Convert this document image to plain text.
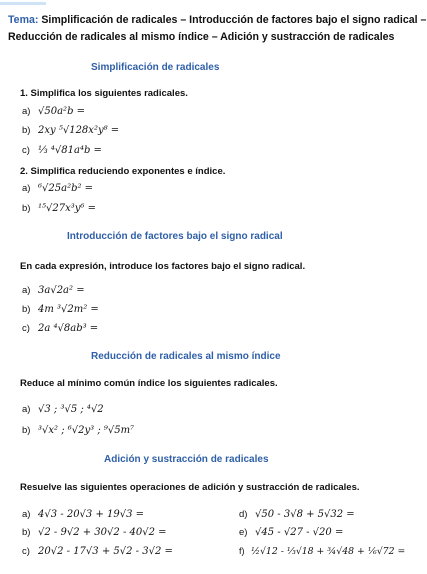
Tema: Simplificación de radicales – Introducción de factores bajo el signo radical –
Reducción de radicales al mismo índice – Adición y sustracción de radicales
Simplificación de radicales
1. Simplifica los siguientes radicales.
a) √50a²b =
b) 2xy ⁵√128x²y⁸ =
c) ⅓ ⁴√81a⁴b =
2. Simplifica reduciendo exponentes e índice.
a) ⁶√25a²b² =
b) ¹⁵√27x³y⁶ =
Introducción de factores bajo el signo radical
En cada expresión, introduce los factores bajo el signo radical.
a) 3a√2a² =
b) 4m ³√2m² =
c) 2a ⁴√8ab³ =
Reducción de radicales al mismo índice
Reduce al mínimo común índice los siguientes radicales.
a) √3 ; ³√5 ; ⁴√2
b) ³√x² ; ⁶√2y³ ; ⁹√5m⁷
Adición y sustracción de radicales
Resuelve las siguientes operaciones de adición y sustracción de radicales.
a) 4√3 - 20√3 + 19√3 =
b) √2 - 9√2 + 30√2 - 40√2 =
c) 20√2 - 17√3 + 5√2 - 3√2 =
d) √50 - 3√8 + 5√32 =
e) √45 - √27 - √20 =
f) ½√12 - ⅓√18 + ¾√48 + ⅙√72 =
